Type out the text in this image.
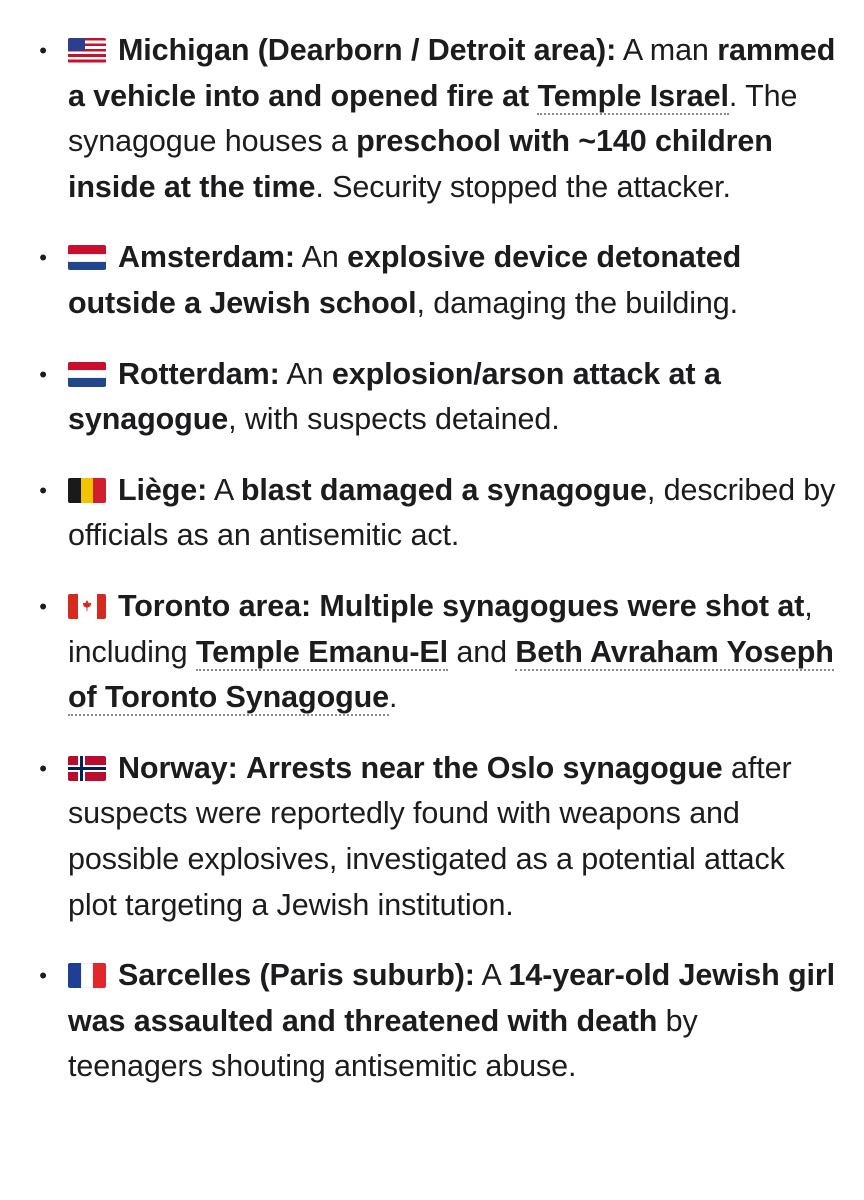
• Michigan (Dearborn / Detroit area): A man rammed a vehicle into and opened fire at Temple Israel. The synagogue houses a preschool with ~140 children inside at the time. Security stopped the attacker.
• Amsterdam: An explosive device detonated outside a Jewish school, damaging the building.
• Rotterdam: An explosion/arson attack at a synagogue, with suspects detained.
• Liège: A blast damaged a synagogue, described by officials as an antisemitic act.
• Toronto area: Multiple synagogues were shot at, including Temple Emanu-El and Beth Avraham Yoseph of Toronto Synagogue.
• Norway: Arrests near the Oslo synagogue after suspects were reportedly found with weapons and possible explosives, investigated as a potential attack plot targeting a Jewish institution.
• Sarcelles (Paris suburb): A 14-year-old Jewish girl was assaulted and threatened with death by teenagers shouting antisemitic abuse.
